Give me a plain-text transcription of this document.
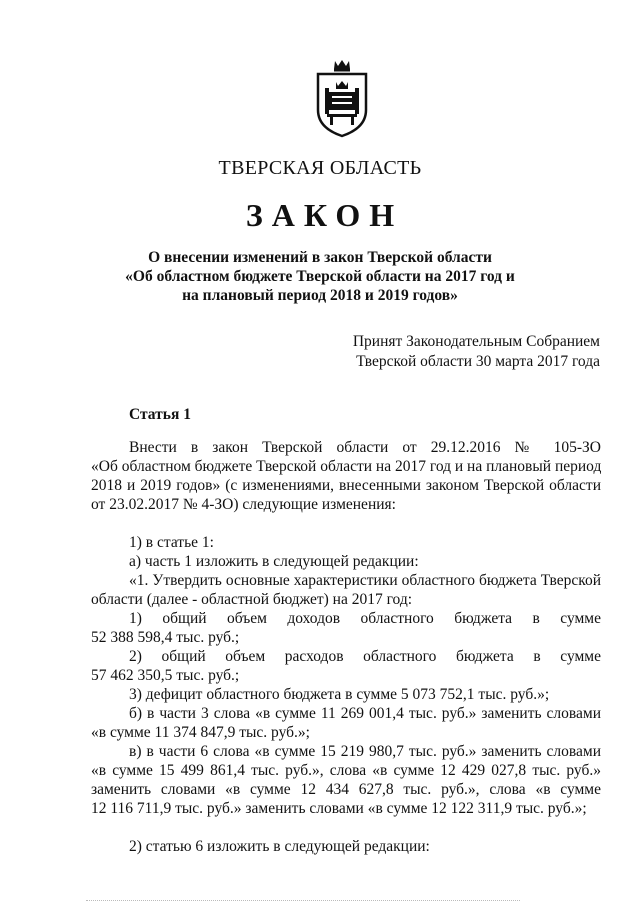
ТВЕРСКАЯ ОБЛАСТЬ
ЗАКОН
О внесении изменений в закон Тверской области
«Об областном бюджете Тверской области на 2017 год и
на плановый период 2018 и 2019 годов»
Принят Законодательным Собранием
Тверской области 30 марта 2017 года
Статья 1
Внести в закон Тверской области от 29.12.2016 № 105-ЗО
«Об областном бюджете Тверской области на 2017 год и на плановый период
2018 и 2019 годов» (с изменениями, внесенными законом Тверской области
от 23.02.2017 № 4-ЗО) следующие изменения:
1) в статье 1:
а) часть 1 изложить в следующей редакции:
«1. Утвердить основные характеристики областного бюджета Тверской
области (далее - областной бюджет) на 2017 год:
1) общий объем доходов областного бюджета в сумме
52 388 598,4 тыс. руб.;
2) общий объем расходов областного бюджета в сумме
57 462 350,5 тыс. руб.;
3) дефицит областного бюджета в сумме 5 073 752,1 тыс. руб.»;
б) в части 3 слова «в сумме 11 269 001,4 тыс. руб.» заменить словами
«в сумме 11 374 847,9 тыс. руб.»;
в) в части 6 слова «в сумме 15 219 980,7 тыс. руб.» заменить словами
«в сумме 15 499 861,4 тыс. руб.», слова «в сумме 12 429 027,8 тыс. руб.»
заменить словами «в сумме 12 434 627,8 тыс. руб.», слова «в сумме
12 116 711,9 тыс. руб.» заменить словами «в сумме 12 122 311,9 тыс. руб.»;
2) статью 6 изложить в следующей редакции:
